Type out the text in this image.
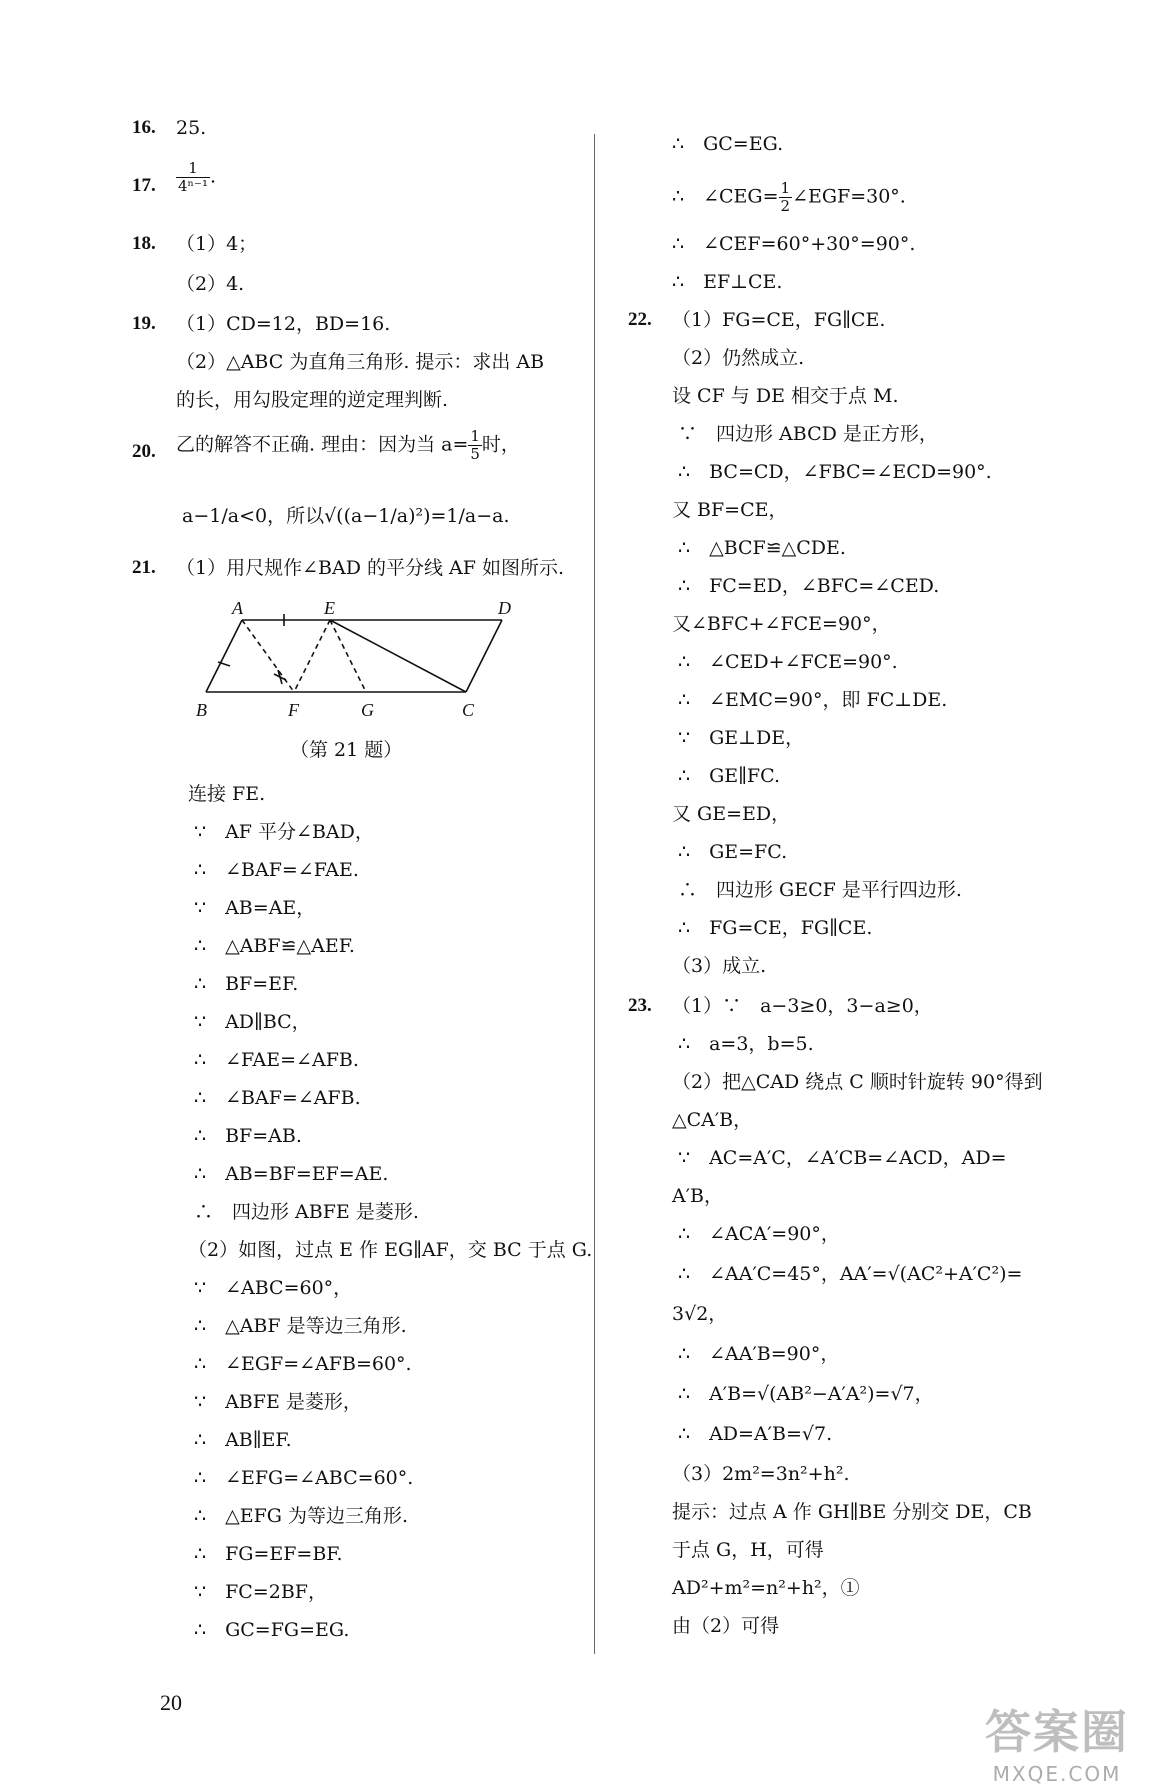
16. 25.
17. $\frac{1}{\text{4ⁿ⁻¹}}$ .
18. （1）4；
（2）4.
19. （1）CD=12，BD=16.
（2）△ABC 为直角三角形. 提示：求出 AB
的长，用勾股定理的逆定理判断.
20. 乙的解答不正确. 理由：因为当 $a= \frac{1}{5}$ 时，
a−1/a<0，所以√((a−1/a)²)=1/a−a.
21. （1）用尺规作∠BAD 的平分线 AF 如图所示.
A	E	D
B	F	G	C
（第 21 题）
连接 FE.
∵　AF 平分∠BAD，
∴　∠BAF=∠FAE.
∵　AB=AE，
∴　△ABF≌△AEF.
∴　BF=EF.
∵　AD∥BC，
∴　∠FAE=∠AFB.
∴　∠BAF=∠AFB.
∴　BF=AB.
∴　AB=BF=EF=AE.
∴　四边形 ABFE 是菱形.
（2）如图，过点 E 作 EG∥AF，交 BC 于点 G.
∵　∠ABC=60°，
∴　△ABF 是等边三角形.
∴　∠EGF=∠AFB=60°.
∵　ABFE 是菱形，
∴　AB∥EF.
∴　∠EFG=∠ABC=60°.
∴　△EFG 为等边三角形.
∴　FG=EF=BF.
∵　FC=2BF，
∴　GC=FG=EG.
∴　GC=EG.
∴　∠CEG= $\frac{1}{2}$ ∠EGF=30°.
∴　∠CEF=60°+30°=90°.
∴　EF⊥CE.
22. （1）FG=CE，FG∥CE.
（2）仍然成立.
设 CF 与 DE 相交于点 M.
∵　四边形 ABCD 是正方形，
∴　BC=CD，∠FBC=∠ECD=90°.
又 BF=CE，
∴　△BCF≌△CDE.
∴　FC=ED，∠BFC=∠CED.
又∠BFC+∠FCE=90°，
∴　∠CED+∠FCE=90°.
∴　∠EMC=90°，即 FC⊥DE.
∵　GE⊥DE，
∴　GE∥FC.
又 GE=ED，
∴　GE=FC.
∴　四边形 GECF 是平行四边形.
∴　FG=CE，FG∥CE.
（3）成立.
23. （1）∵　a−3≥0，3−a≥0，
∴　a=3，b=5.
（2）把△CAD 绕点 C 顺时针旋转 90°得到
△CA′B，
∵　AC=A′C，∠A′CB=∠ACD，AD=
A′B，
∴　∠ACA′=90°，
∴　∠AA′C=45°，AA′=√(AC²+A′C²)=
3√2，
∴　∠AA′B=90°，
∴　A′B=√(AB²−A′A²)=√7，
∴　AD=A′B=√7.
（3）2m²=3n²+h².
提示：过点 A 作 GH∥BE 分别交 DE，CB
于点 G，H，可得
AD²+m²=n²+h²，①
由（2）可得
20
答案圈
MXQE.COM
